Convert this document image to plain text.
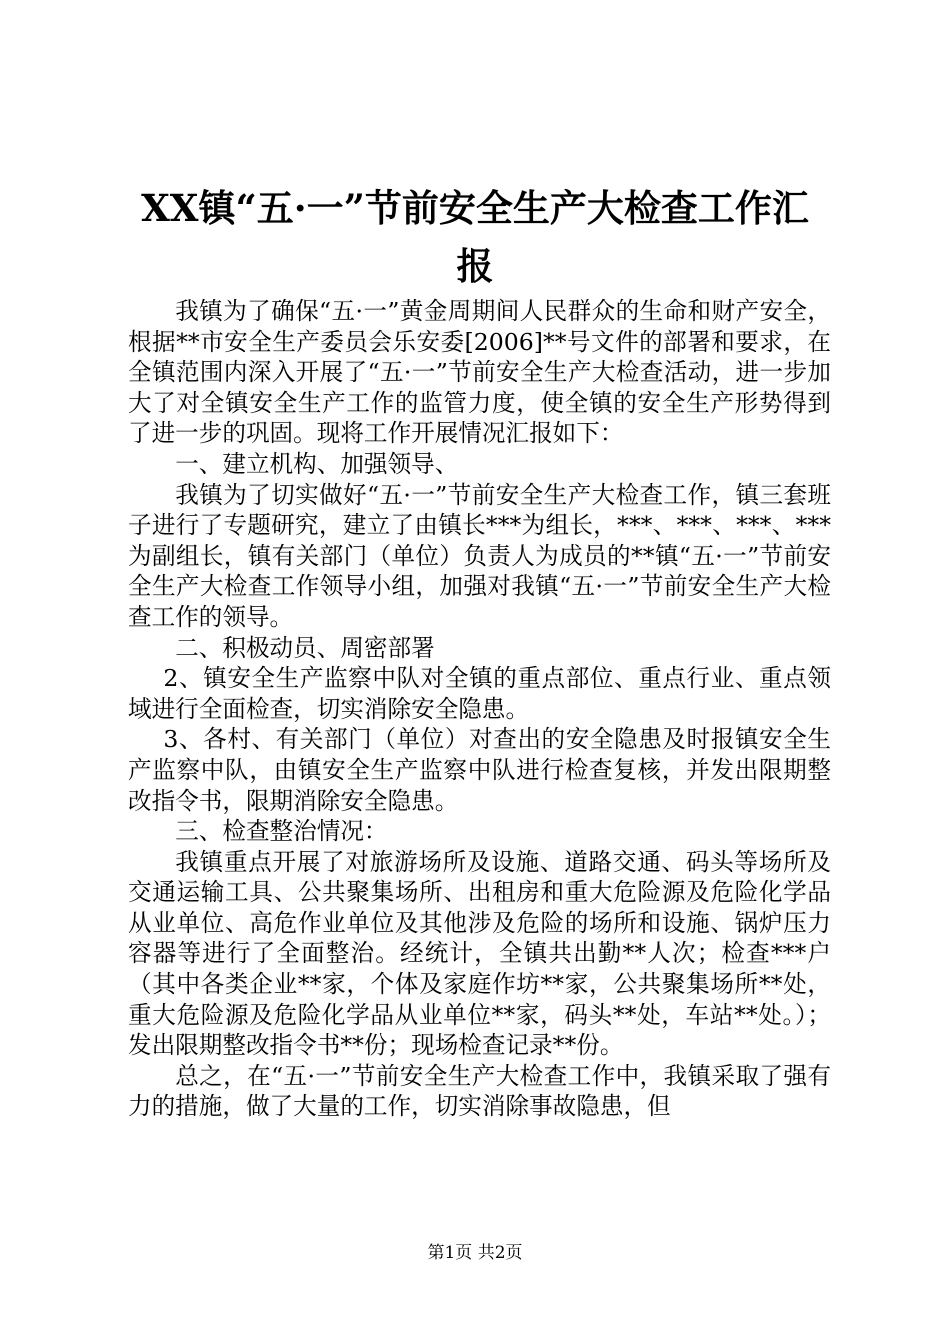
XX镇“五·一”节前安全生产大检查工作汇
报

我镇为了确保“五·一”黄金周期间人民群众的生命和财产安全，根据**市安全生产委员会乐安委[2006]**号文件的部署和要求，在全镇范围内深入开展了“五·一”节前安全生产大检查活动，进一步加大了对全镇安全生产工作的监管力度，使全镇的安全生产形势得到了进一步的巩固。现将工作开展情况汇报如下：

一、建立机构、加强领导、

我镇为了切实做好“五·一”节前安全生产大检查工作，镇三套班子进行了专题研究，建立了由镇长***为组长，***、***、***、***为副组长，镇有关部门（单位）负责人为成员的**镇“五·一”节前安全生产大检查工作领导小组，加强对我镇“五·一”节前安全生产大检查工作的领导。

二、积极动员、周密部署

2、镇安全生产监察中队对全镇的重点部位、重点行业、重点领域进行全面检查，切实消除安全隐患。

3、各村、有关部门（单位）对查出的安全隐患及时报镇安全生产监察中队，由镇安全生产监察中队进行检查复核，并发出限期整改指令书，限期消除安全隐患。

三、检查整治情况：

我镇重点开展了对旅游场所及设施、道路交通、码头等场所及交通运输工具、公共聚集场所、出租房和重大危险源及危险化学品从业单位、高危作业单位及其他涉及危险的场所和设施、锅炉压力容器等进行了全面整治。经统计，全镇共出勤**人次；检查***户（其中各类企业**家，个体及家庭作坊**家，公共聚集场所**处，重大危险源及危险化学品从业单位**家，码头**处，车站**处。）；发出限期整改指令书**份；现场检查记录**份。

总之，在“五·一”节前安全生产大检查工作中，我镇采取了强有力的措施，做了大量的工作，切实消除事故隐患，但

第1页 共2页
